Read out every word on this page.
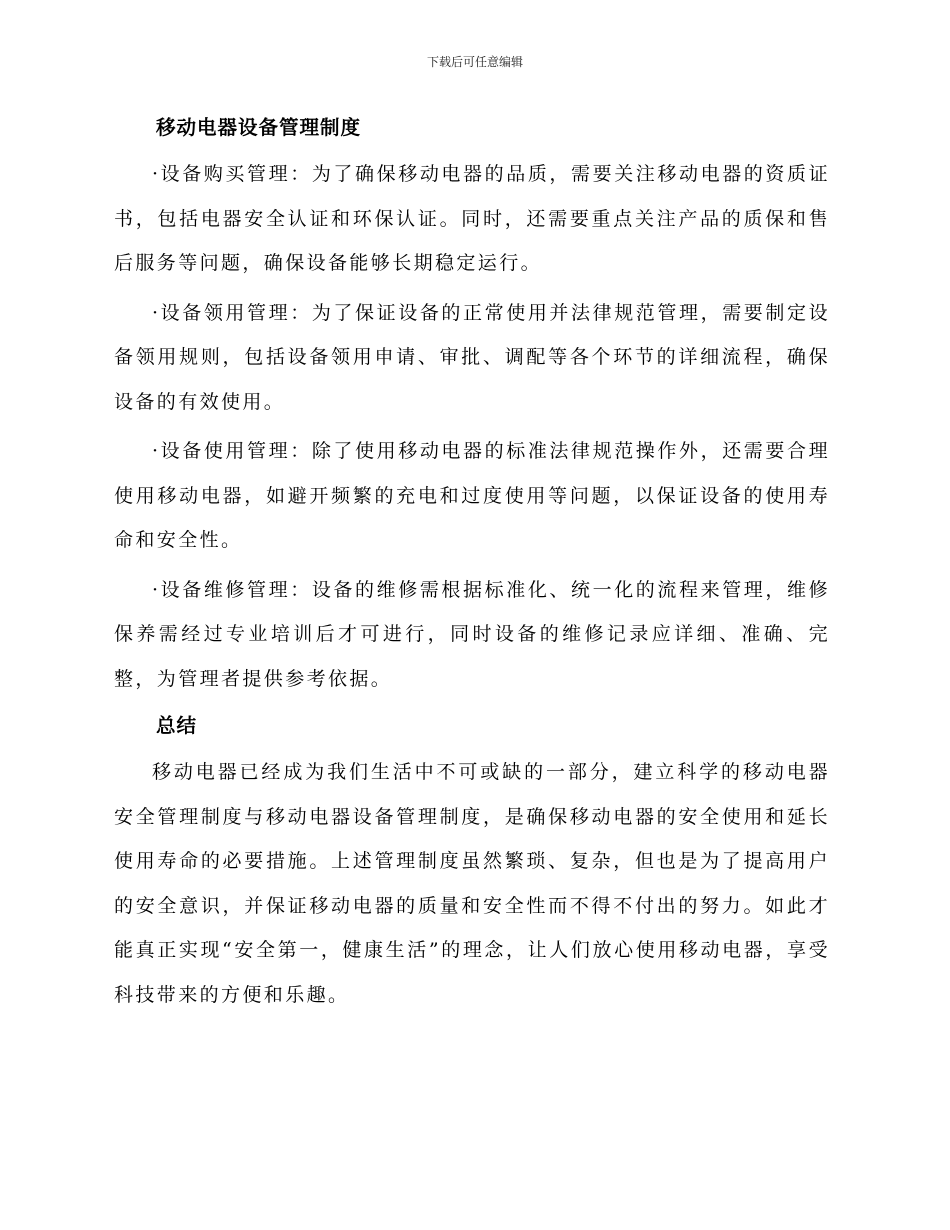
下载后可任意编辑
移动电器设备管理制度

·设备购买管理：为了确保移动电器的品质，需要关注移动电器的资质证书，包括电器安全认证和环保认证。同时，还需要重点关注产品的质保和售后服务等问题，确保设备能够长期稳定运行。

·设备领用管理：为了保证设备的正常使用并法律规范管理，需要制定设备领用规则，包括设备领用申请、审批、调配等各个环节的详细流程，确保设备的有效使用。

·设备使用管理：除了使用移动电器的标准法律规范操作外，还需要合理使用移动电器，如避开频繁的充电和过度使用等问题，以保证设备的使用寿命和安全性。

·设备维修管理：设备的维修需根据标准化、统一化的流程来管理，维修保养需经过专业培训后才可进行，同时设备的维修记录应详细、准确、完整，为管理者提供参考依据。

总结

移动电器已经成为我们生活中不可或缺的一部分，建立科学的移动电器安全管理制度与移动电器设备管理制度，是确保移动电器的安全使用和延长使用寿命的必要措施。上述管理制度虽然繁琐、复杂，但也是为了提高用户的安全意识，并保证移动电器的质量和安全性而不得不付出的努力。如此才能真正实现“安全第一，健康生活”的理念，让人们放心使用移动电器，享受科技带来的方便和乐趣。
